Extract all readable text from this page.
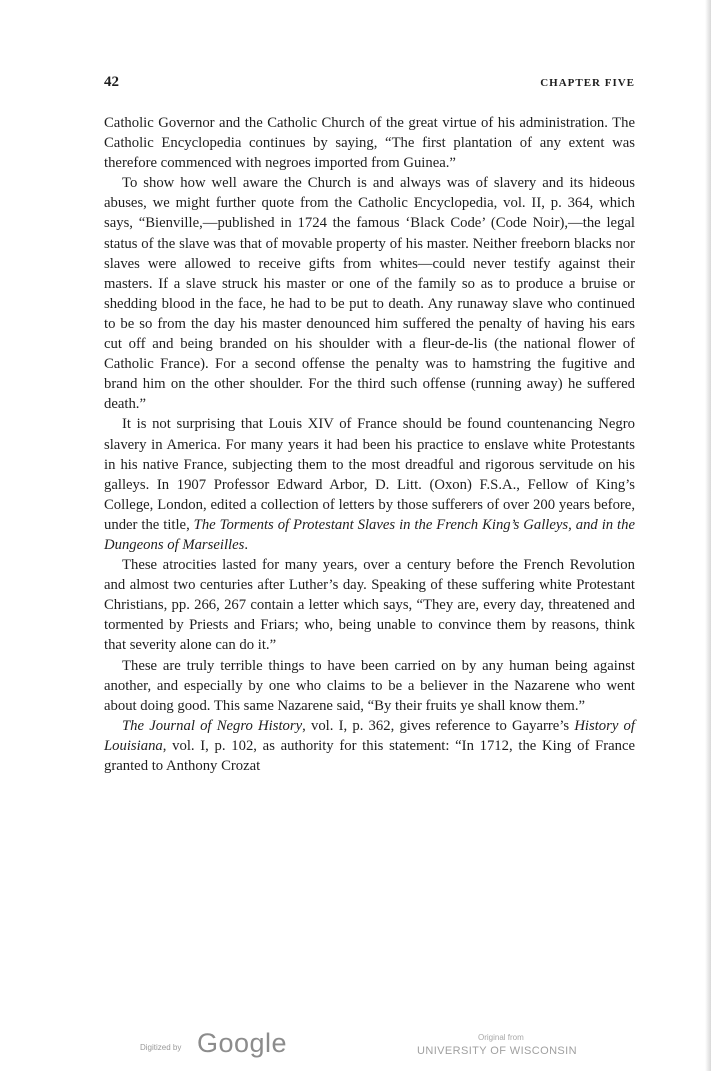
42	CHAPTER FIVE

Catholic Governor and the Catholic Church of the great virtue of his administration. The Catholic Encyclopedia continues by saying, “The first plantation of any extent was therefore commenced with negroes imported from Guinea.”

To show how well aware the Church is and always was of slavery and its hideous abuses, we might further quote from the Catholic Encyclopedia, vol. II, p. 364, which says, “Bienville,—published in 1724 the famous ‘Black Code’ (Code Noir),—the legal status of the slave was that of movable property of his master. Neither freeborn blacks nor slaves were allowed to receive gifts from whites—could never testify against their masters. If a slave struck his master or one of the family so as to produce a bruise or shedding blood in the face, he had to be put to death. Any runaway slave who continued to be so from the day his master denounced him suffered the penalty of having his ears cut off and being branded on his shoulder with a fleur-de-lis (the national flower of Catholic France). For a second offense the penalty was to hamstring the fugitive and brand him on the other shoulder. For the third such offense (running away) he suffered death.”

It is not surprising that Louis XIV of France should be found countenancing Negro slavery in America. For many years it had been his practice to enslave white Protestants in his native France, subjecting them to the most dreadful and rigorous servitude on his galleys. In 1907 Professor Edward Arbor, D. Litt. (Oxon) F.S.A., Fellow of King’s College, London, edited a collection of letters by those sufferers of over 200 years before, under the title, The Torments of Protestant Slaves in the French King’s Galleys, and in the Dungeons of Marseilles.

These atrocities lasted for many years, over a century before the French Revolution and almost two centuries after Luther’s day. Speaking of these suffering white Protestant Christians, pp. 266, 267 contain a letter which says, “They are, every day, threatened and tormented by Priests and Friars; who, being unable to convince them by reasons, think that severity alone can do it.”

These are truly terrible things to have been carried on by any human being against another, and especially by one who claims to be a believer in the Nazarene who went about doing good. This same Nazarene said, “By their fruits ye shall know them.”

The Journal of Negro History, vol. I, p. 362, gives reference to Gayarre’s History of Louisiana, vol. I, p. 102, as authority for this statement: “In 1712, the King of France granted to Anthony Crozat

Digitized by Google	Original from
UNIVERSITY OF WISCONSIN
